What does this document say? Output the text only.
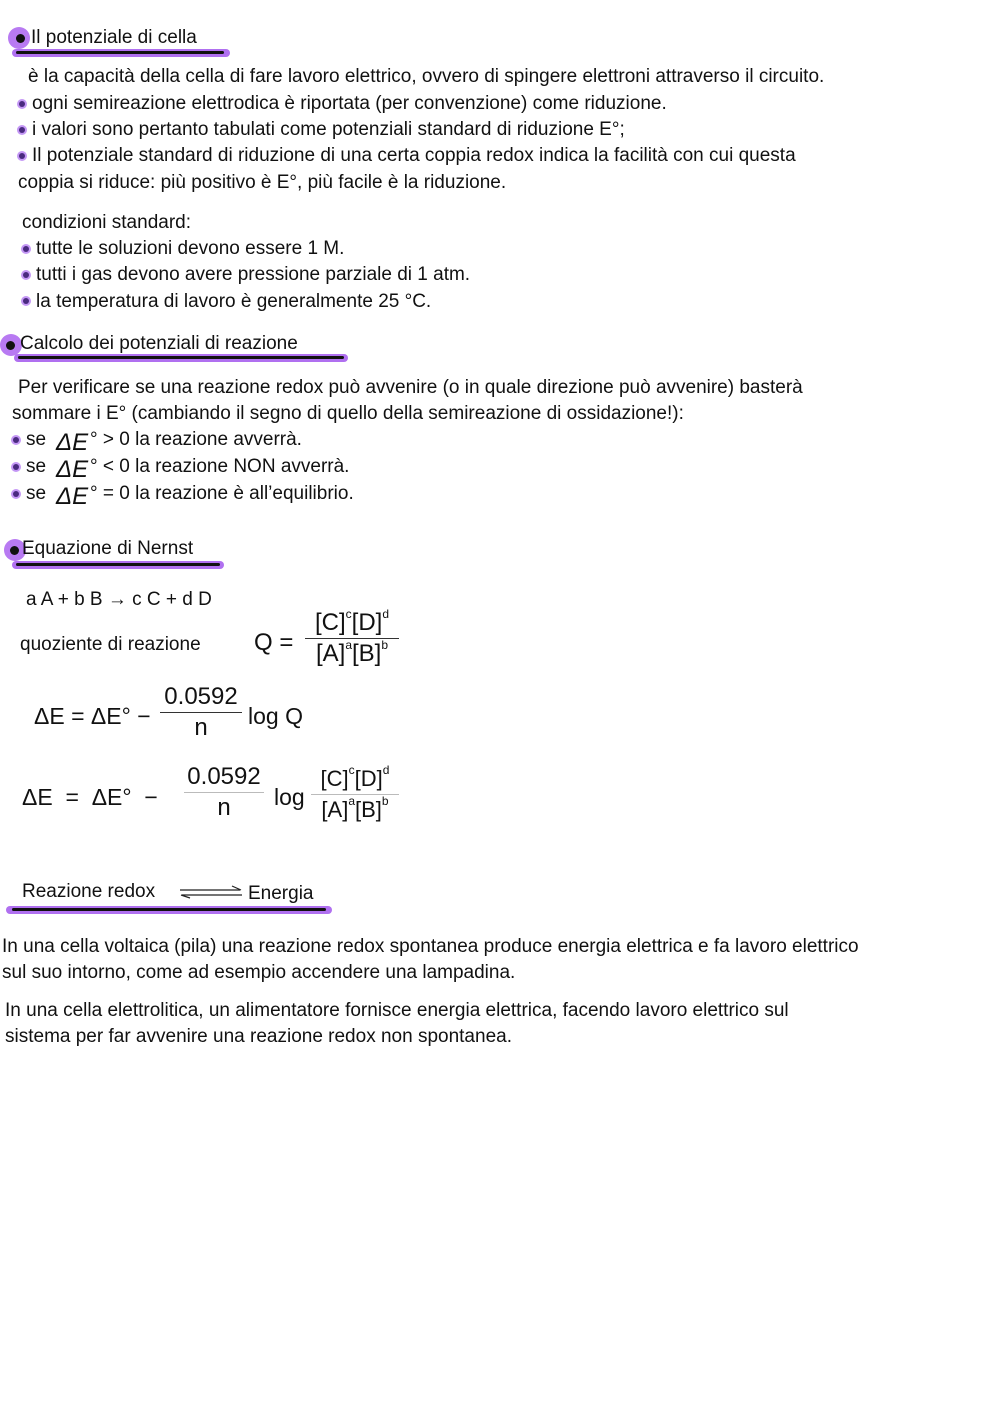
Il potenziale di cella
è la capacità della cella di fare lavoro elettrico, ovvero di spingere elettroni attraverso il circuito.
ogni semireazione elettrodica è riportata (per convenzione) come riduzione.
i valori sono pertanto tabulati come potenziali standard di riduzione E°;
Il potenziale standard di riduzione di una certa coppia redox indica la facilità con cui questa
coppia si riduce: più positivo è E°, più facile è la riduzione.
condizioni standard:
tutte le soluzioni devono essere 1 M.
tutti i gas devono avere pressione parziale di 1 atm.
la temperatura di lavoro è generalmente 25 °C.
Calcolo dei potenziali di reazione
Per verificare se una reazione redox può avvenire (o in quale direzione può avvenire) basterà
sommare i E° (cambiando il segno di quello della semireazione di ossidazione!):
se ΔE ° > 0 la reazione avverrà.
se ΔE ° < 0 la reazione NON avverrà.
se ΔE ° = 0 la reazione è all’equilibrio.
Equazione di Nernst
a A + b B → c C + d D
quoziente di reazione Q =
$[C]^c[D]^d$
$[A]^a[B]^b$
ΔE = ΔE° −
0.0592
n log Q
ΔE  =  ΔE°  −
0.0592
n log
$[C]^c[D]^d$
$[A]^a[B]^b$
Reazione redox	Energia
In una cella voltaica (pila) una reazione redox spontanea produce energia elettrica e fa lavoro elettrico
sul suo intorno, come ad esempio accendere una lampadina.
In una cella elettrolitica, un alimentatore fornisce energia elettrica, facendo lavoro elettrico sul
sistema per far avvenire una reazione redox non spontanea.
